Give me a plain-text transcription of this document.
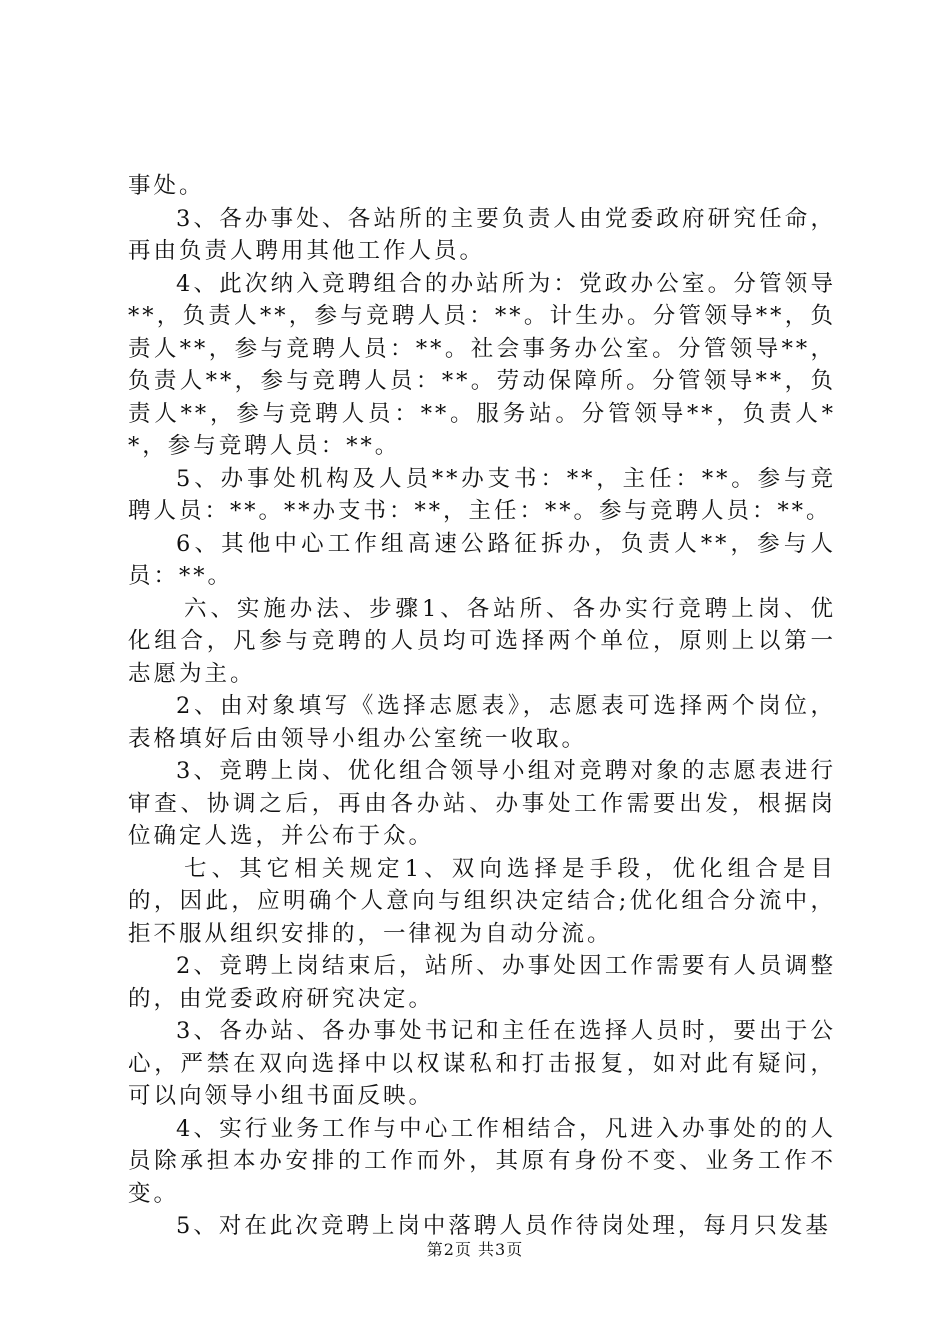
事处。

3、各办事处、各站所的主要负责人由党委政府研究任命，再由负责人聘用其他工作人员。

4、此次纳入竞聘组合的办站所为：党政办公室。分管领导**，负责人**，参与竞聘人员：**。计生办。分管领导**，负责人**，参与竞聘人员：**。社会事务办公室。分管领导**，负责人**，参与竞聘人员：**。劳动保障所。分管领导**，负责人**，参与竞聘人员：**。服务站。分管领导**，负责人**，参与竞聘人员：**。

5、办事处机构及人员**办支书：**，主任：**。参与竞聘人员：**。**办支书：**，主任：**。参与竞聘人员：**。

6、其他中心工作组高速公路征拆办，负责人**，参与人员：**。

六、实施办法、步骤1、各站所、各办实行竞聘上岗、优化组合，凡参与竞聘的人员均可选择两个单位，原则上以第一志愿为主。

2、由对象填写《选择志愿表》，志愿表可选择两个岗位，表格填好后由领导小组办公室统一收取。

3、竞聘上岗、优化组合领导小组对竞聘对象的志愿表进行审查、协调之后，再由各办站、办事处工作需要出发，根据岗位确定人选，并公布于众。

七、其它相关规定1、双向选择是手段，优化组合是目的，因此，应明确个人意向与组织决定结合;优化组合分流中，拒不服从组织安排的，一律视为自动分流。

2、竞聘上岗结束后，站所、办事处因工作需要有人员调整的，由党委政府研究决定。

3、各办站、各办事处书记和主任在选择人员时，要出于公心，严禁在双向选择中以权谋私和打击报复，如对此有疑问，可以向领导小组书面反映。

4、实行业务工作与中心工作相结合，凡进入办事处的的人员除承担本办安排的工作而外，其原有身份不变、业务工作不变。

5、对在此次竞聘上岗中落聘人员作待岗处理，每月只发基

第2页 共3页
